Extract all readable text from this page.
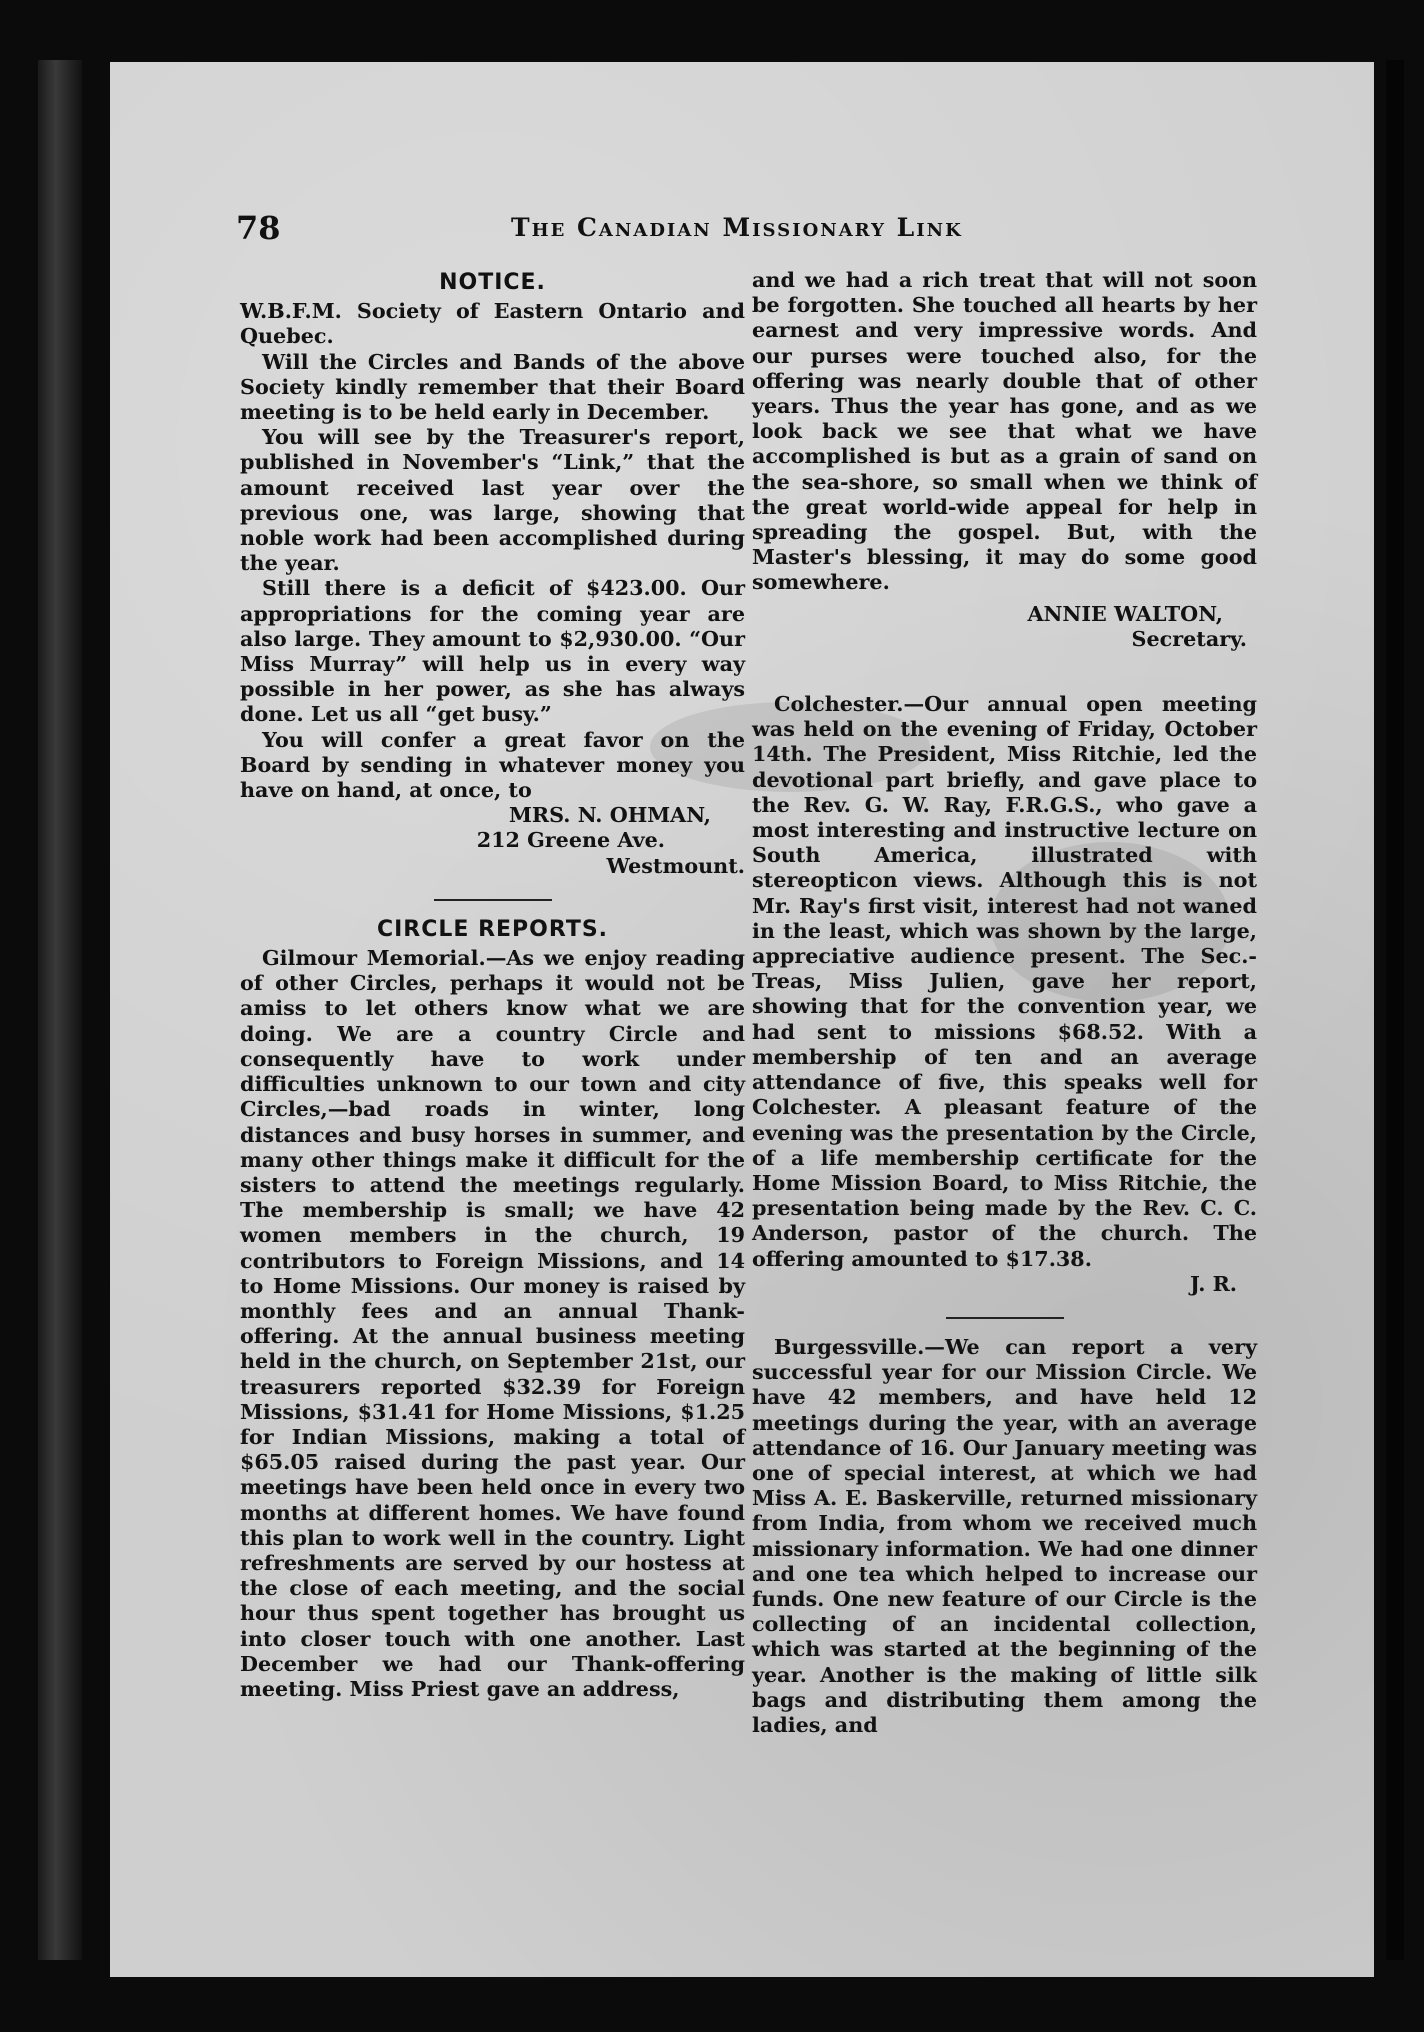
78	The Canadian Missionary Link
NOTICE.

W.B.F.M. Society of Eastern Ontario and Quebec.

Will the Circles and Bands of the above Society kindly remember that their Board meeting is to be held early in December.

You will see by the Treasurer's report, published in November's “Link,” that the amount received last year over the previous one, was large, showing that noble work had been accomplished during the year.

Still there is a deficit of $423.00. Our appropriations for the coming year are also large. They amount to $2,930.00. “Our Miss Murray” will help us in every way possible in her power, as she has always done. Let us all “get busy.”

You will confer a great favor on the Board by sending in whatever money you have on hand, at once, to

MRS. N. OHMAN,

212 Greene Ave.

Westmount.

CIRCLE REPORTS.

Gilmour Memorial.—As we enjoy reading of other Circles, perhaps it would not be amiss to let others know what we are doing. We are a country Circle and consequently have to work under difficulties unknown to our town and city Circles,—bad roads in winter, long distances and busy horses in summer, and many other things make it difficult for the sisters to attend the meetings regularly. The membership is small; we have 42 women members in the church, 19 contributors to Foreign Missions, and 14 to Home Missions. Our money is raised by monthly fees and an annual Thank-offering. At the annual business meeting held in the church, on September 21st, our treasurers reported $32.39 for Foreign Missions, $31.41 for Home Missions, $1.25 for Indian Missions, making a total of $65.05 raised during the past year. Our meetings have been held once in every two months at different homes. We have found this plan to work well in the country. Light refreshments are served by our hostess at the close of each meeting, and the social hour thus spent together has brought us into closer touch with one another. Last December we had our Thank-offering meeting. Miss Priest gave an address,

and we had a rich treat that will not soon be forgotten. She touched all hearts by her earnest and very impressive words. And our purses were touched also, for the offering was nearly double that of other years. Thus the year has gone, and as we look back we see that what we have accomplished is but as a grain of sand on the sea-shore, so small when we think of the great world-wide appeal for help in spreading the gospel. But, with the Master's blessing, it may do some good somewhere.

ANNIE WALTON,

Secretary.

Colchester.—Our annual open meeting was held on the evening of Friday, October 14th. The President, Miss Ritchie, led the devotional part briefly, and gave place to the Rev. G. W. Ray, F.R.G.S., who gave a most interesting and instructive lecture on South America, illustrated with stereopticon views. Although this is not Mr. Ray's first visit, interest had not waned in the least, which was shown by the large, appreciative audience present. The Sec.-Treas, Miss Julien, gave her report, showing that for the convention year, we had sent to missions $68.52. With a membership of ten and an average attendance of five, this speaks well for Colchester. A pleasant feature of the evening was the presentation by the Circle, of a life membership certificate for the Home Mission Board, to Miss Ritchie, the presentation being made by the Rev. C. C. Anderson, pastor of the church. The offering amounted to $17.38.

J. R.

Burgessville.—We can report a very successful year for our Mission Circle. We have 42 members, and have held 12 meetings during the year, with an average attendance of 16. Our January meeting was one of special interest, at which we had Miss A. E. Baskerville, returned missionary from India, from whom we received much missionary information. We had one dinner and one tea which helped to increase our funds. One new feature of our Circle is the collecting of an incidental collection, which was started at the beginning of the year. Another is the making of little silk bags and distributing them among the ladies, and
